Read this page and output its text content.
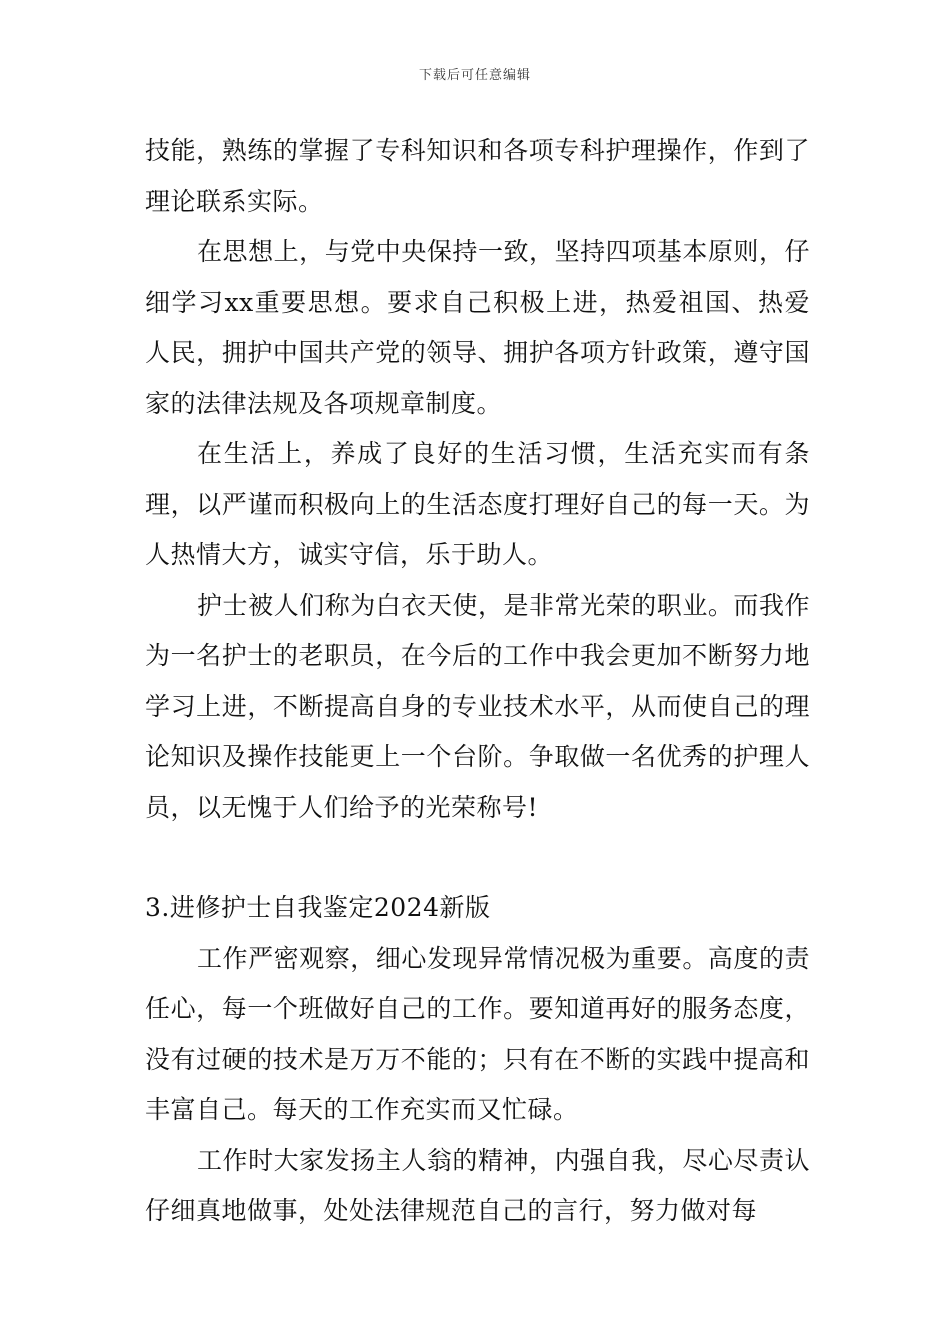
下载后可任意编辑

技能，熟练的掌握了专科知识和各项专科护理操作，作到了理论联系实际。

在思想上，与党中央保持一致，坚持四项基本原则，仔细学习xx重要思想。要求自己积极上进，热爱祖国、热爱人民，拥护中国共产党的领导、拥护各项方针政策，遵守国家的法律法规及各项规章制度。

在生活上，养成了良好的生活习惯，生活充实而有条理，以严谨而积极向上的生活态度打理好自己的每一天。为人热情大方，诚实守信，乐于助人。

护士被人们称为白衣天使，是非常光荣的职业。而我作为一名护士的老职员，在今后的工作中我会更加不断努力地学习上进，不断提高自身的专业技术水平，从而使自己的理论知识及操作技能更上一个台阶。争取做一名优秀的护理人员，以无愧于人们给予的光荣称号!

3.进修护士自我鉴定2024新版

工作严密观察，细心发现异常情况极为重要。高度的责任心，每一个班做好自己的工作。要知道再好的服务态度，没有过硬的技术是万万不能的；只有在不断的实践中提高和丰富自己。每天的工作充实而又忙碌。

工作时大家发扬主人翁的精神，内强自我，尽心尽责认仔细真地做事，处处法律规范自己的言行，努力做对每
